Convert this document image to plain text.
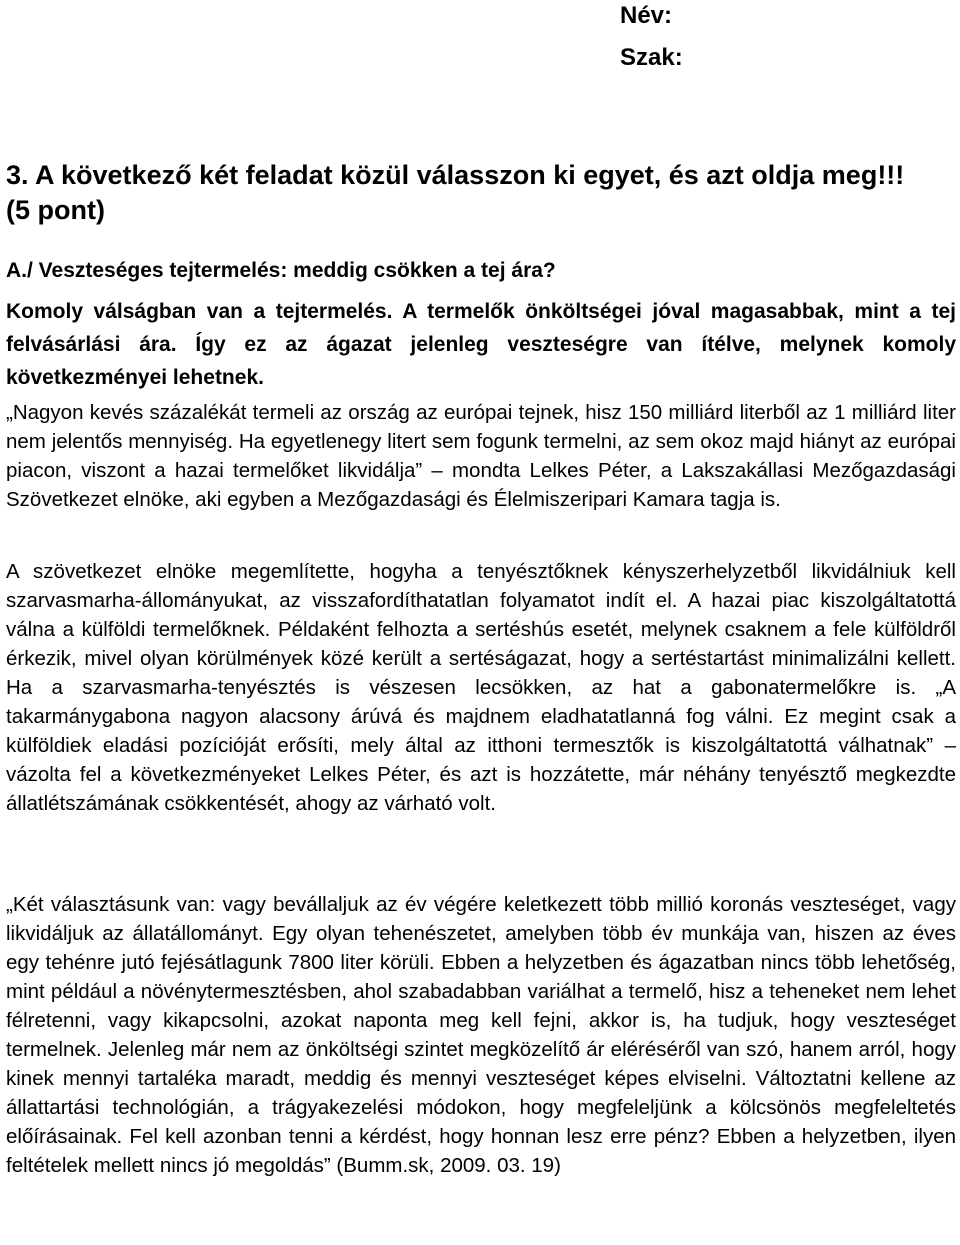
Név:

Szak:

3. A következő két feladat közül válasszon ki egyet, és azt oldja meg!!! (5 pont)
A./ Veszteséges tejtermelés: meddig csökken a tej ára?

Komoly válságban van a tejtermelés. A termelők önköltségei jóval magasabbak, mint a tej felvásárlási ára. Így ez az ágazat jelenleg veszteségre van ítélve, melynek komoly következményei lehetnek.

„Nagyon kevés százalékát termeli az ország az európai tejnek, hisz 150 milliárd literből az 1 milliárd liter nem jelentős mennyiség. Ha egyetlenegy litert sem fogunk termelni, az sem okoz majd hiányt az európai piacon, viszont a hazai termelőket likvidálja” – mondta Lelkes Péter, a Lakszakállasi Mezőgazdasági Szövetkezet elnöke, aki egyben a Mezőgazdasági és Élelmiszeripari Kamara tagja is.

A szövetkezet elnöke megemlítette, hogyha a tenyésztőknek kényszerhelyzetből likvidálniuk kell szarvasmarha-állományukat, az visszafordíthatatlan folyamatot indít el. A hazai piac kiszolgáltatottá válna a külföldi termelőknek. Példaként felhozta a sertéshús esetét, melynek csaknem a fele külföldről érkezik, mivel olyan körülmények közé került a sertéságazat, hogy a sertéstartást minimalizálni kellett. Ha a szarvasmarha-tenyésztés is vészesen lecsökken, az hat a gabonatermelőkre is. „A takarmánygabona nagyon alacsony árúvá és majdnem eladhatatlanná fog válni. Ez megint csak a külföldiek eladási pozícióját erősíti, mely által az itthoni termesztők is kiszolgáltatottá válhatnak” – vázolta fel a következményeket Lelkes Péter, és azt is hozzátette, már néhány tenyésztő megkezdte állatlétszámának csökkentését, ahogy az várható volt.

„Két választásunk van: vagy bevállaljuk az év végére keletkezett több millió koronás veszteséget, vagy likvidáljuk az állatállományt. Egy olyan tehenészetet, amelyben több év munkája van, hiszen az éves egy tehénre jutó fejésátlagunk 7800 liter körüli. Ebben a helyzetben és ágazatban nincs több lehetőség, mint például a növénytermesztésben, ahol szabadabban variálhat a termelő, hisz a teheneket nem lehet félretenni, vagy kikapcsolni, azokat naponta meg kell fejni, akkor is, ha tudjuk, hogy veszteséget termelnek. Jelenleg már nem az önköltségi szintet megközelítő ár eléréséről van szó, hanem arról, hogy kinek mennyi tartaléka maradt, meddig és mennyi veszteséget képes elviselni. Változtatni kellene az állattartási technológián, a trágyakezelési módokon, hogy megfeleljünk a kölcsönös megfeleltetés előírásainak. Fel kell azonban tenni a kérdést, hogy honnan lesz erre pénz? Ebben a helyzetben, ilyen feltételek mellett nincs jó megoldás” (Bumm.sk, 2009. 03. 19)
